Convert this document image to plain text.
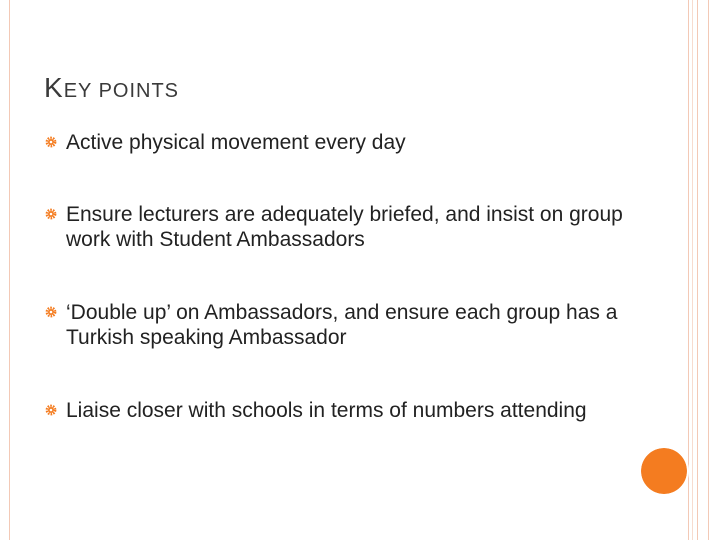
KEY POINTS
Active physical movement every day
Ensure lecturers are adequately briefed, and insist on group work with Student Ambassadors
‘Double up’ on Ambassadors, and ensure each group has a Turkish speaking Ambassador
Liaise closer with schools in terms of numbers attending
